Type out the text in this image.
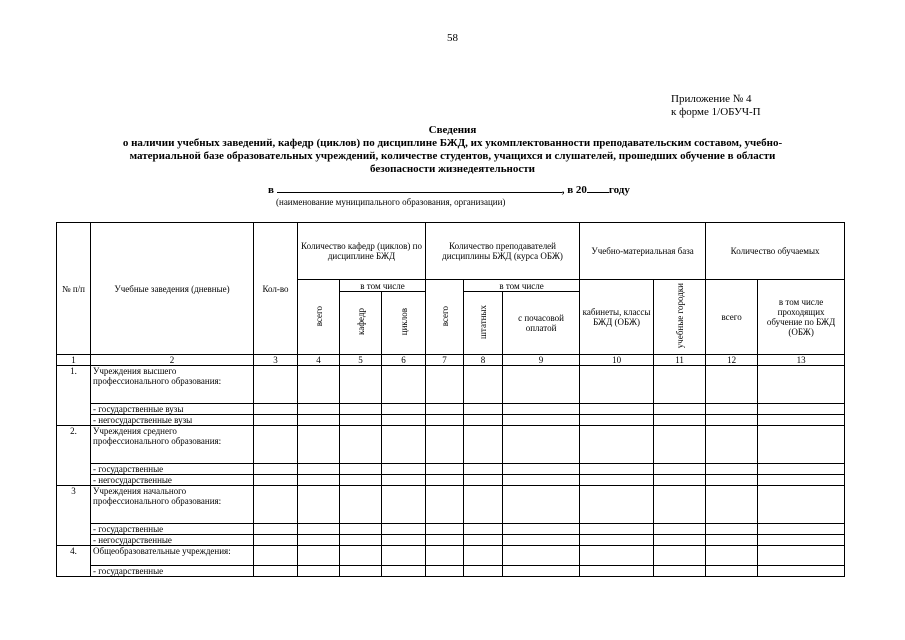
58
Приложение № 4
к форме 1/ОБУЧ-П
Сведения
о наличии учебных заведений, кафедр (циклов) по дисциплине БЖД, их укомплектованности преподавательским составом, учебно-
материальной базе образовательных учреждений, количестве студентов, учащихся и слушателей, прошедших обучение в области
безопасности жизнедеятельности
в	, в 20 году
(наименование муниципального образования, организации)
№ п/п	Учебные заведения (дневные)	Кол-во	Количество кафедр (циклов) по дисциплине БЖД			Количество преподавателей дисциплины БЖД (курса ОБЖ)			Учебно-материальная база		Количество обучаемых	
			всего	в том числе		всего	в том числе		кабинеты, классы БЖД (ОБЖ)	учебные городки	всего	в том числе проходящих обучение по БЖД (ОБЖ)
				кафедр	циклов		штатных	с почасовой оплатой				
1	2	3	4	5	6	7	8	9	10	11	12	13
1.	Учреждения высшего профессионального образования:											
	- государственные вузы											
	- негосударственные вузы											
2.	Учреждения среднего профессионального образования:											
	- государственные											
	- негосударственные											
3	Учреждения начального профессионального образования:											
	- государственные											
	- негосударственные											
4.	Общеобразовательные учреждения:											
	- государственные											
